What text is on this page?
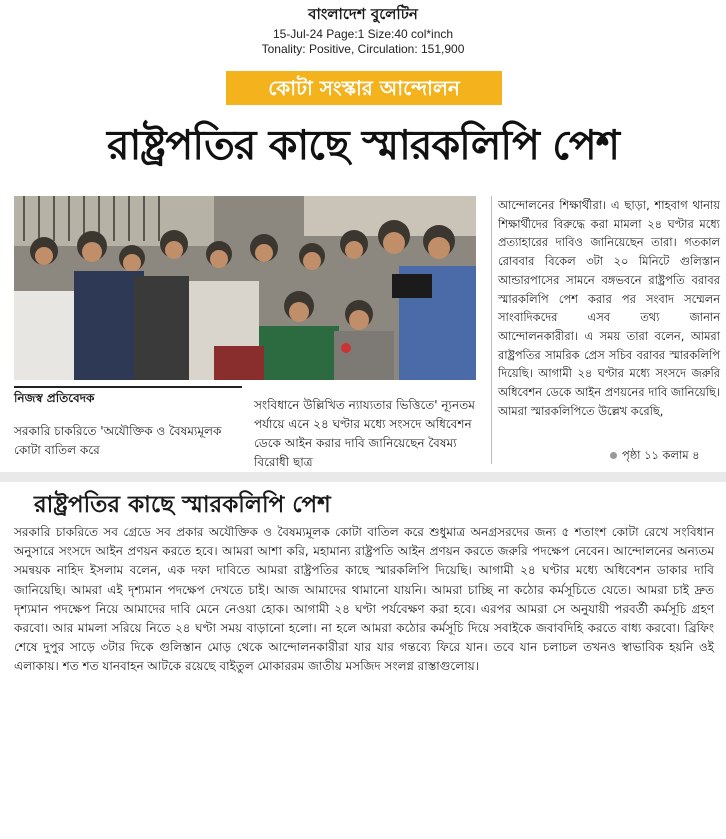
বাংলাদেশ বুলেটিন
15-Jul-24 Page:1 Size:40 col*inch
Tonality: Positive, Circulation: 151,900
কোটা সংস্কার আন্দোলন
রাষ্ট্রপতির কাছে স্মারকলিপি পেশ
নিজস্ব প্রতিবেদক
সরকারি চাকরিতে 'অযৌক্তিক ও বৈষম্যমূলক কোটা বাতিল করে
সংবিধানে উল্লিখিত ন্যায্যতার ভিত্তিতে' ন্যূনতম পর্যায়ে এনে ২৪ ঘণ্টার মধ্যে সংসদে অধিবেশন ডেকে আইন করার দাবি জানিয়েছেন বৈষম্য বিরোধী ছাত্র
আন্দোলনের শিক্ষার্থীরা। এ ছাড়া, শাহবাগ থানায় শিক্ষার্থীদের বিরুদ্ধে করা মামলা ২৪ ঘণ্টার মধ্যে প্রত্যাহারের দাবিও জানিয়েছেন তারা। গতকাল রোববার বিকেল ৩টা ২০ মিনিটে গুলিস্তান আন্ডারপাসের সামনে বঙ্গভবনে রাষ্ট্রপতি বরাবর স্মারকলিপি পেশ করার পর সংবাদ সম্মেলন সাংবাদিকদের এসব তথ্য জানান আন্দোলনকারীরা। এ সময় তারা বলেন, আমরা রাষ্ট্রপতির সামরিক প্রেস সচিব বরাবর স্মারকলিপি দিয়েছি। আগামী ২৪ ঘণ্টার মধ্যে সংসদে জরুরি অধিবেশন ডেকে আইন প্রণয়নের দাবি জানিয়েছি। আমরা স্মারকলিপিতে উল্লেখ করেছি,
পৃষ্ঠা ১১ কলাম ৪
রাষ্ট্রপতির কাছে স্মারকলিপি পেশ
সরকারি চাকরিতে সব গ্রেডে সব প্রকার অযৌক্তিক ও বৈষম্যমূলক কোটা বাতিল করে শুধুমাত্র অনগ্রসরদের জন্য ৫ শতাংশ কোটা রেখে সংবিধান অনুসারে সংসদে আইন প্রণয়ন করতে হবে। আমরা আশা করি, মহামান্য রাষ্ট্রপতি আইন প্রণয়ন করতে জরুরি পদক্ষেপ নেবেন। আন্দোলনের অন্যতম সমন্বয়ক নাহিদ ইসলাম বলেন, এক দফা দাবিতে আমরা রাষ্ট্রপতির কাছে স্মারকলিপি দিয়েছি। আগামী ২৪ ঘণ্টার মধ্যে অধিবেশন ডাকার দাবি জানিয়েছি। আমরা এই দৃশ্যমান পদক্ষেপ দেখতে চাই। আজ আমাদের থামানো যায়নি। আমরা চাচ্ছি না কঠোর কর্মসূচিতে যেতে। আমরা চাই দ্রুত দৃশ্যমান পদক্ষেপ নিয়ে আমাদের দাবি মেনে নেওয়া হোক। আগামী ২৪ ঘণ্টা পর্যবেক্ষণ করা হবে। এরপর আমরা সে অনুযায়ী পরবর্তী কর্মসূচি গ্রহণ করবো। আর মামলা সরিয়ে নিতে ২৪ ঘণ্টা সময় বাড়ানো হলো। না হলে আমরা কঠোর কর্মসূচি দিয়ে সবাইকে জবাবদিহি করতে বাধ্য করবো। ব্রিফিং শেষে দুপুর সাড়ে ৩টার দিকে গুলিস্তান মোড় থেকে আন্দোলনকারীরা যার যার গন্তব্যে ফিরে যান। তবে যান চলাচল তখনও স্বাভাবিক হয়নি ওই এলাকায়। শত শত যানবাহন আটকে রয়েছে বাইতুল মোকাররম জাতীয় মসজিদ সংলগ্ন রাস্তাগুলোয়।
